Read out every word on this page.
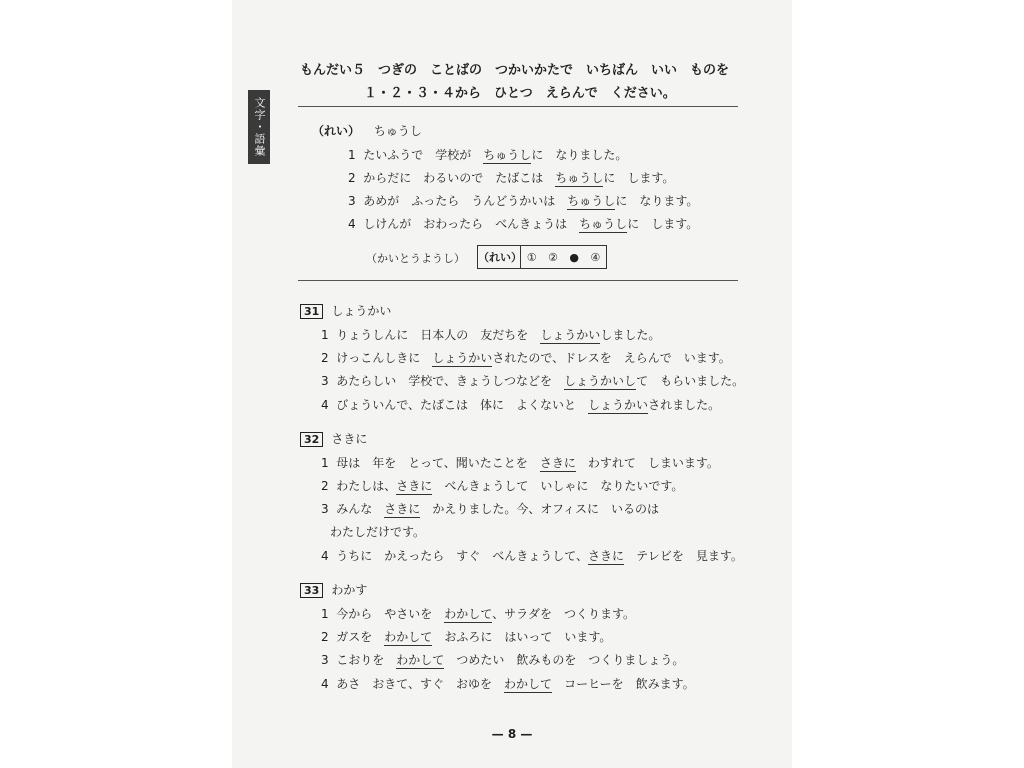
文字・語彙
もんだい５　つぎの　ことばの　つかいかたで　いちばん　いい　ものを
１・２・３・４から　ひとつ　えらんで　ください。
（れい） ちゅうし
1 たいふうで　学校が　ちゅうしに　なりました。
2 からだに　わるいので　たばこは　ちゅうしに　します。
3 あめが　ふったら　うんどうかいは　ちゅうしに　なります。
4 しけんが　おわったら　べんきょうは　ちゅうしに　します。
（かいとうようし） （れい） ① ② ● ④
31 しょうかい
1 りょうしんに　日本人の　友だちを　しょうかいしました。
2 けっこんしきに　しょうかいされたので、ドレスを　えらんで　います。
3 あたらしい　学校で、きょうしつなどを　しょうかいして　もらいました。
4 びょういんで、たばこは　体に　よくないと　しょうかいされました。
32 さきに
1 母は　年を　とって、聞いたことを　さきに　わすれて　しまいます。
2 わたしは、さきに　べんきょうして　いしゃに　なりたいです。
3 みんな　さきに　かえりました。今、オフィスに　いるのは
わたしだけです。
4 うちに　かえったら　すぐ　べんきょうして、さきに　テレビを　見ます。
33 わかす
1 今から　やさいを　わかして、サラダを　つくります。
2 ガスを　わかして　おふろに　はいって　います。
3 こおりを　わかして　つめたい　飲みものを　つくりましょう。
4 あさ　おきて、すぐ　おゆを　わかして　コーヒーを　飲みます。
— 8 —
